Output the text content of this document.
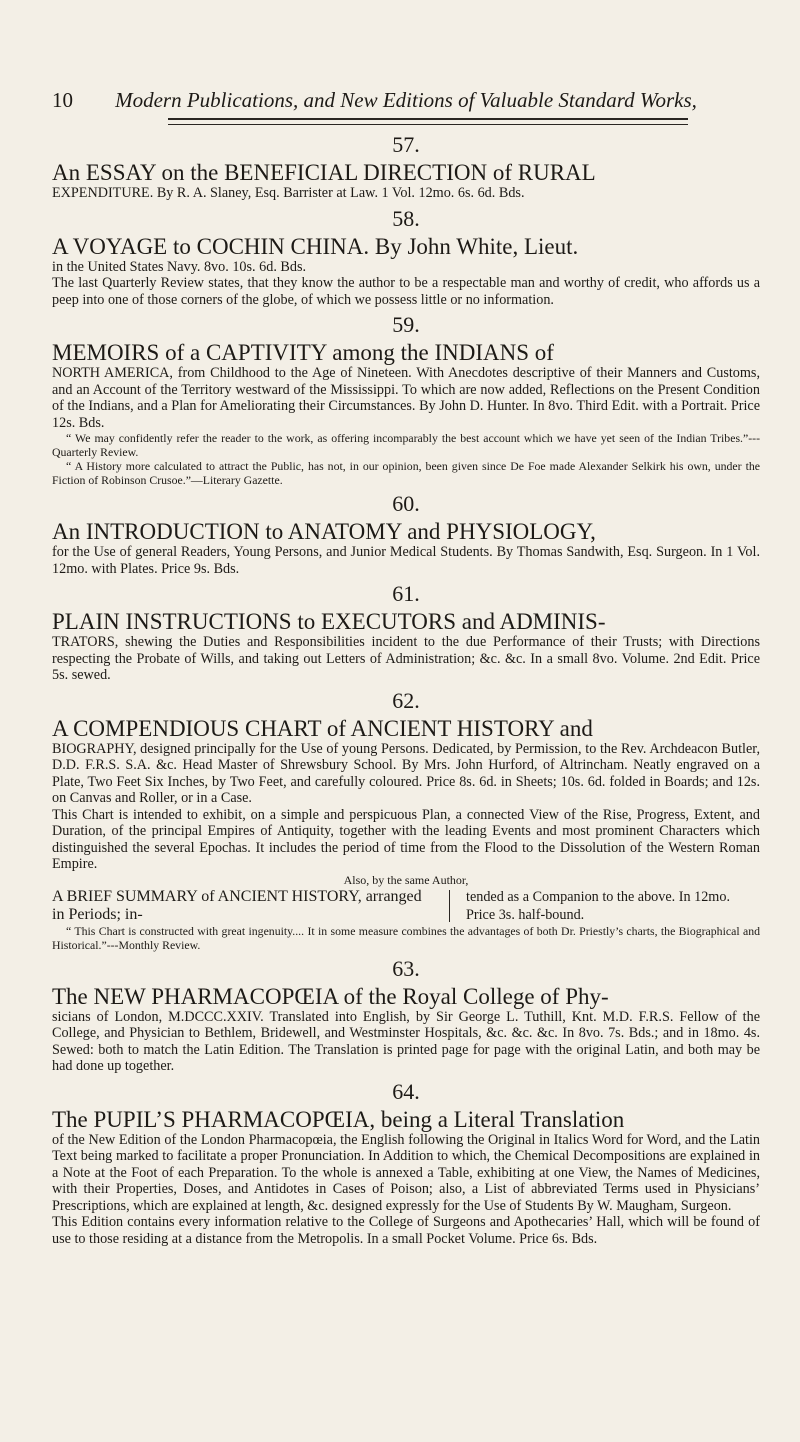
10	Modern Publications, and New Editions of Valuable Standard Works,
57.

An ESSAY on the BENEFICIAL DIRECTION of RURAL

EXPENDITURE. By R. A. Slaney, Esq. Barrister at Law. 1 Vol. 12mo. 6s. 6d. Bds.

58.

A VOYAGE to COCHIN CHINA. By John White, Lieut.

in the United States Navy. 8vo. 10s. 6d. Bds.

The last Quarterly Review states, that they know the author to be a respectable man and worthy of credit, who affords us a peep into one of those corners of the globe, of which we possess little or no information.

59.

MEMOIRS of a CAPTIVITY among the INDIANS of

NORTH AMERICA, from Childhood to the Age of Nineteen. With Anecdotes descriptive of their Manners and Customs, and an Account of the Territory westward of the Mississippi. To which are now added, Reflections on the Present Condition of the Indians, and a Plan for Ameliorating their Circumstances. By John D. Hunter. In 8vo. Third Edit. with a Portrait. Price 12s. Bds.

“ We may confidently refer the reader to the work, as offering incomparably the best account which we have yet seen of the Indian Tribes.”---Quarterly Review.

“ A History more calculated to attract the Public, has not, in our opinion, been given since De Foe made Alexander Selkirk his own, under the Fiction of Robinson Crusoe.”—Literary Gazette.

60.

An INTRODUCTION to ANATOMY and PHYSIOLOGY,

for the Use of general Readers, Young Persons, and Junior Medical Students. By Thomas Sandwith, Esq. Surgeon. In 1 Vol. 12mo. with Plates. Price 9s. Bds.

61.

PLAIN INSTRUCTIONS to EXECUTORS and ADMINIS-

TRATORS, shewing the Duties and Responsibilities incident to the due Performance of their Trusts; with Directions respecting the Probate of Wills, and taking out Letters of Administration; &c. &c. In a small 8vo. Volume. 2nd Edit. Price 5s. sewed.

62.

A COMPENDIOUS CHART of ANCIENT HISTORY and

BIOGRAPHY, designed principally for the Use of young Persons. Dedicated, by Permission, to the Rev. Archdeacon Butler, D.D. F.R.S. S.A. &c. Head Master of Shrewsbury School. By Mrs. John Hurford, of Altrincham. Neatly engraved on a Plate, Two Feet Six Inches, by Two Feet, and carefully coloured. Price 8s. 6d. in Sheets; 10s. 6d. folded in Boards; and 12s. on Canvas and Roller, or in a Case.

This Chart is intended to exhibit, on a simple and perspicuous Plan, a connected View of the Rise, Progress, Extent, and Duration, of the principal Empires of Antiquity, together with the leading Events and most prominent Characters which distinguished the several Epochas. It includes the period of time from the Flood to the Dissolution of the Western Roman Empire.

Also, by the same Author,

A BRIEF SUMMARY of ANCIENT HISTORY, arranged in Periods; in-
tended as a Companion to the above. In 12mo. Price 3s. half-bound.

“ This Chart is constructed with great ingenuity.... It in some measure combines the advantages of both Dr. Priestly’s charts, the Biographical and Historical.”---Monthly Review.

63.

The NEW PHARMACOPŒIA of the Royal College of Phy-

sicians of London, M.DCCC.XXIV. Translated into English, by Sir George L. Tuthill, Knt. M.D. F.R.S. Fellow of the College, and Physician to Bethlem, Bridewell, and Westminster Hospitals, &c. &c. &c. In 8vo. 7s. Bds.; and in 18mo. 4s. Sewed: both to match the Latin Edition. The Translation is printed page for page with the original Latin, and both may be had done up together.

64.

The PUPIL’S PHARMACOPŒIA, being a Literal Translation

of the New Edition of the London Pharmacopœia, the English following the Original in Italics Word for Word, and the Latin Text being marked to facilitate a proper Pronunciation. In Addition to which, the Chemical Decompositions are explained in a Note at the Foot of each Preparation. To the whole is annexed a Table, exhibiting at one View, the Names of Medicines, with their Properties, Doses, and Antidotes in Cases of Poison; also, a List of abbreviated Terms used in Physicians’ Prescriptions, which are explained at length, &c. designed expressly for the Use of Students By W. Maugham, Surgeon.

This Edition contains every information relative to the College of Surgeons and Apothecaries’ Hall, which will be found of use to those residing at a distance from the Metropolis. In a small Pocket Volume. Price 6s. Bds.
